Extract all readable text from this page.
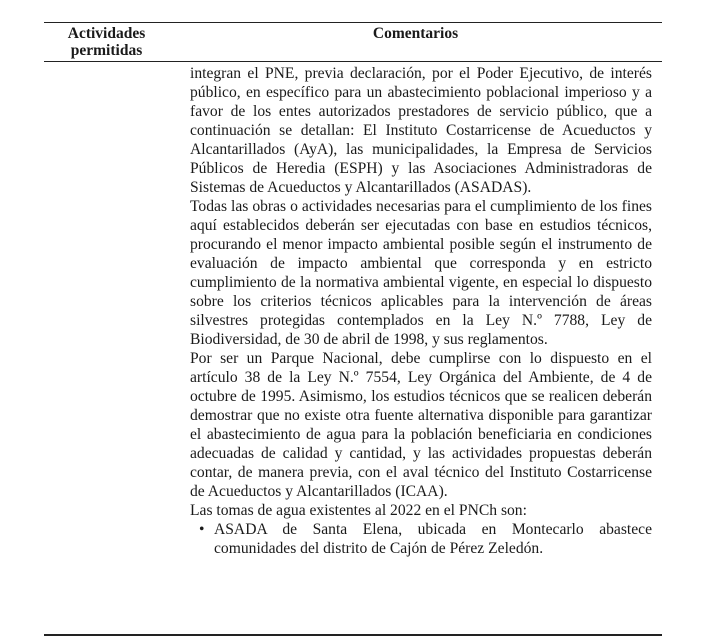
Actividades permitidas
Comentarios

integran el PNE, previa declaración, por el Poder Ejecutivo, de interés público, en específico para un abastecimiento poblacional imperioso y a favor de los entes autorizados prestadores de servicio público, que a continuación se detallan: El Instituto Costarricense de Acueductos y Alcantarillados (AyA), las municipalidades, la Empresa de Servicios Públicos de Heredia (ESPH) y las Asociaciones Administradoras de Sistemas de Acueductos y Alcantarillados (ASADAS).

Todas las obras o actividades necesarias para el cumplimiento de los fines aquí establecidos deberán ser ejecutadas con base en estudios técnicos, procurando el menor impacto ambiental posible según el instrumento de evaluación de impacto ambiental que corresponda y en estricto cumplimiento de la normativa ambiental vigente, en especial lo dispuesto sobre los criterios técnicos aplicables para la intervención de áreas silvestres protegidas contemplados en la Ley N.º 7788, Ley de Biodiversidad, de 30 de abril de 1998, y sus reglamentos.

Por ser un Parque Nacional, debe cumplirse con lo dispuesto en el artículo 38 de la Ley N.º 7554, Ley Orgánica del Ambiente, de 4 de octubre de 1995. Asimismo, los estudios técnicos que se realicen deberán demostrar que no existe otra fuente alternativa disponible para garantizar el abastecimiento de agua para la población beneficiaria en condiciones adecuadas de calidad y cantidad, y las actividades propuestas deberán contar, de manera previa, con el aval técnico del Instituto Costarricense de Acueductos y Alcantarillados (ICAA).

Las tomas de agua existentes al 2022 en el PNCh son:

• ASADA de Santa Elena, ubicada en Montecarlo abastece comunidades del distrito de Cajón de Pérez Zeledón.
